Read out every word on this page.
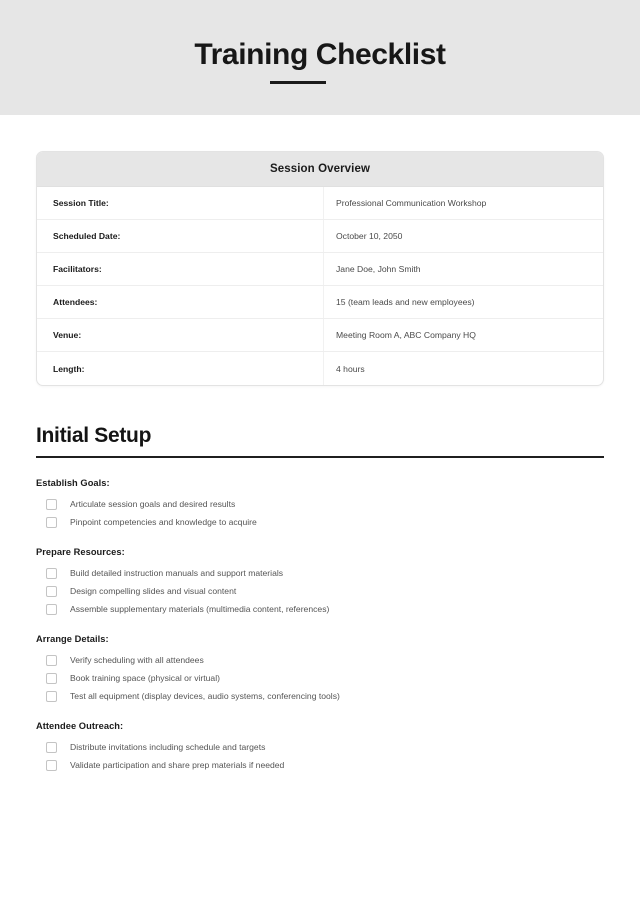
Training Checklist
Session Overview
Session Title:	Professional Communication Workshop
Scheduled Date:	October 10, 2050
Facilitators:	Jane Doe, John Smith
Attendees:	15 (team leads and new employees)
Venue:	Meeting Room A, ABC Company HQ
Length:	4 hours
Initial Setup
Establish Goals:
Articulate session goals and desired results
Pinpoint competencies and knowledge to acquire
Prepare Resources:
Build detailed instruction manuals and support materials
Design compelling slides and visual content
Assemble supplementary materials (multimedia content, references)
Arrange Details:
Verify scheduling with all attendees
Book training space (physical or virtual)
Test all equipment (display devices, audio systems, conferencing tools)
Attendee Outreach:
Distribute invitations including schedule and targets
Validate participation and share prep materials if needed
